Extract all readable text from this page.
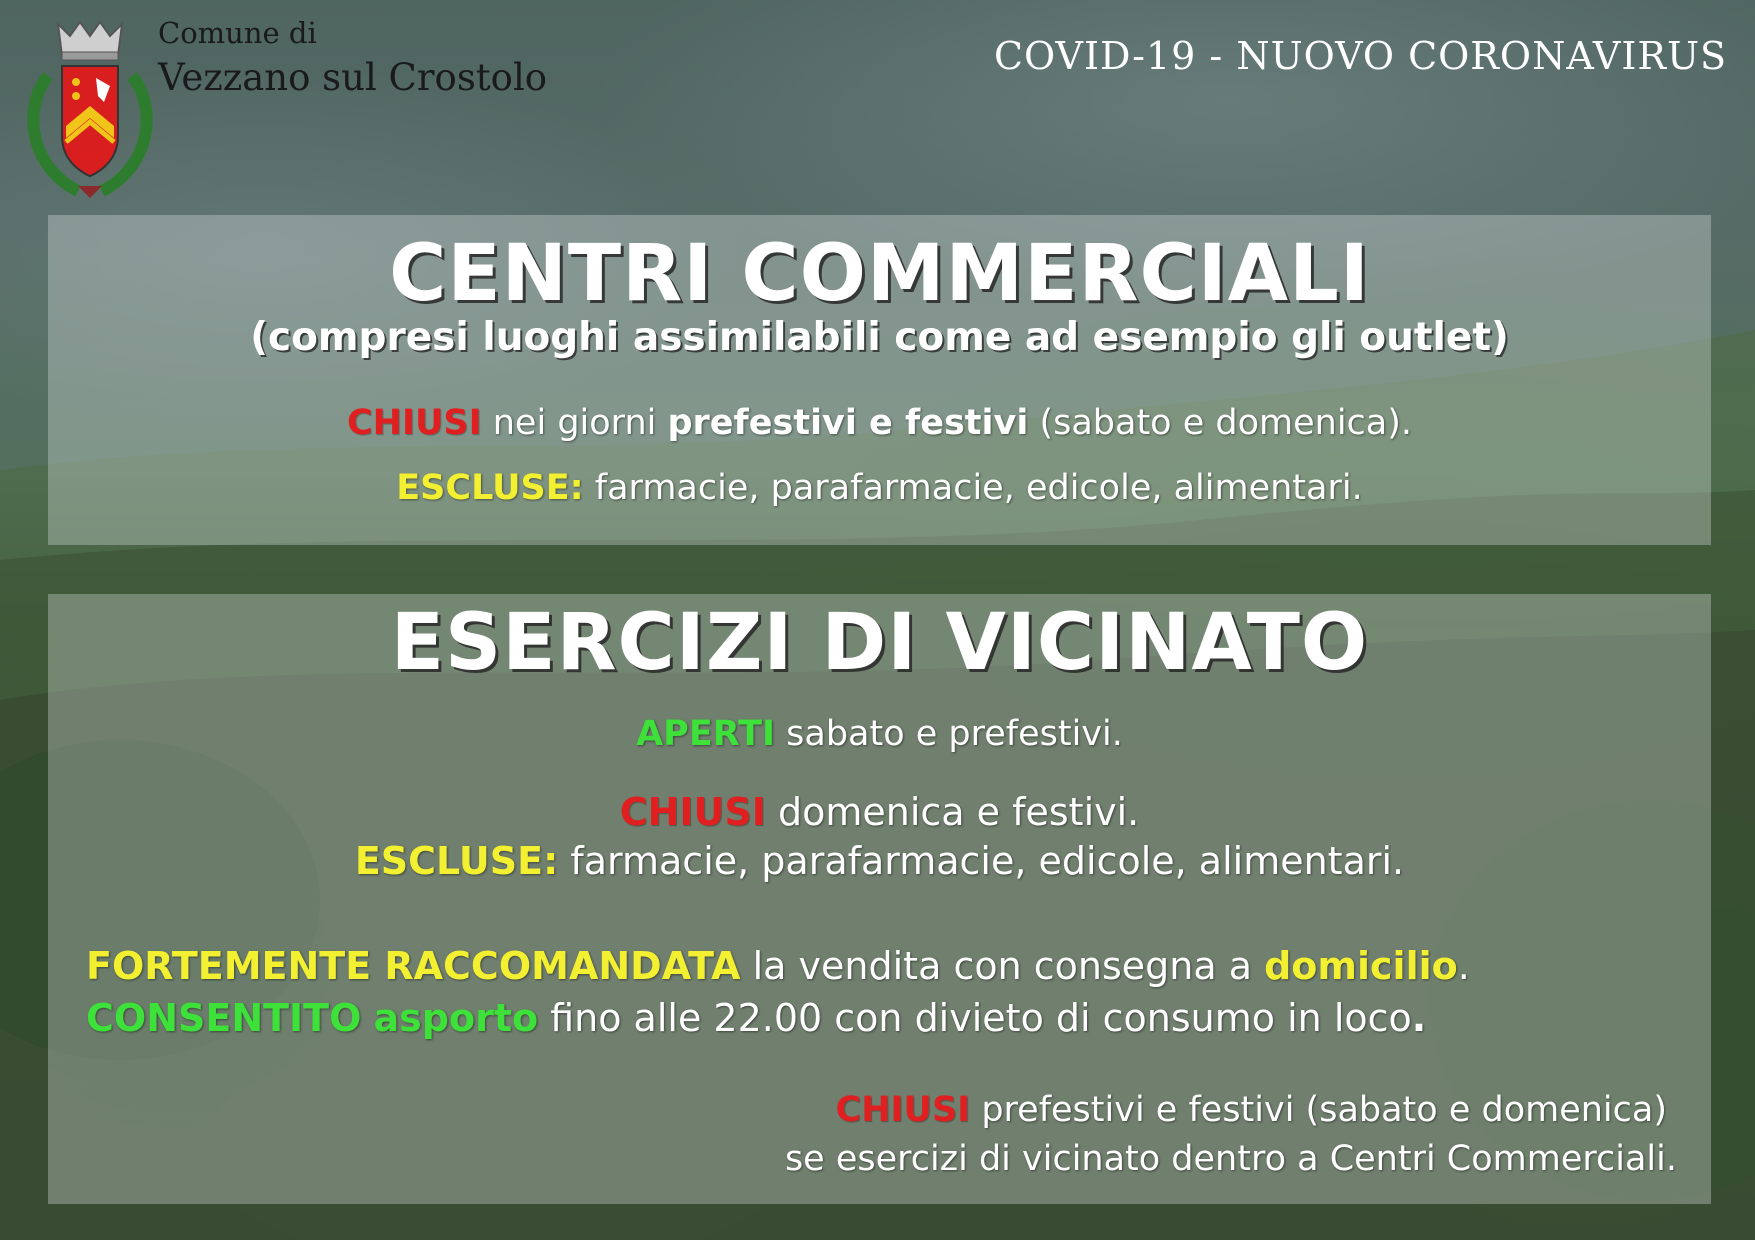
Comune di
Vezzano sul Crostolo	COVID-19 - NUOVO CORONAVIRUS
CENTRI COMMERCIALI
(compresi luoghi assimilabili come ad esempio gli outlet)
CHIUSI nei giorni prefestivi e festivi (sabato e domenica).
ESCLUSE: farmacie, parafarmacie, edicole, alimentari.
ESERCIZI DI VICINATO
APERTI sabato e prefestivi.
CHIUSI domenica e festivi.
ESCLUSE: farmacie, parafarmacie, edicole, alimentari.
FORTEMENTE RACCOMANDATA la vendita con consegna a domicilio.
CONSENTITO asporto fino alle 22.00 con divieto di consumo in loco.
CHIUSI prefestivi e festivi (sabato e domenica)
se esercizi di vicinato dentro a Centri Commerciali.
